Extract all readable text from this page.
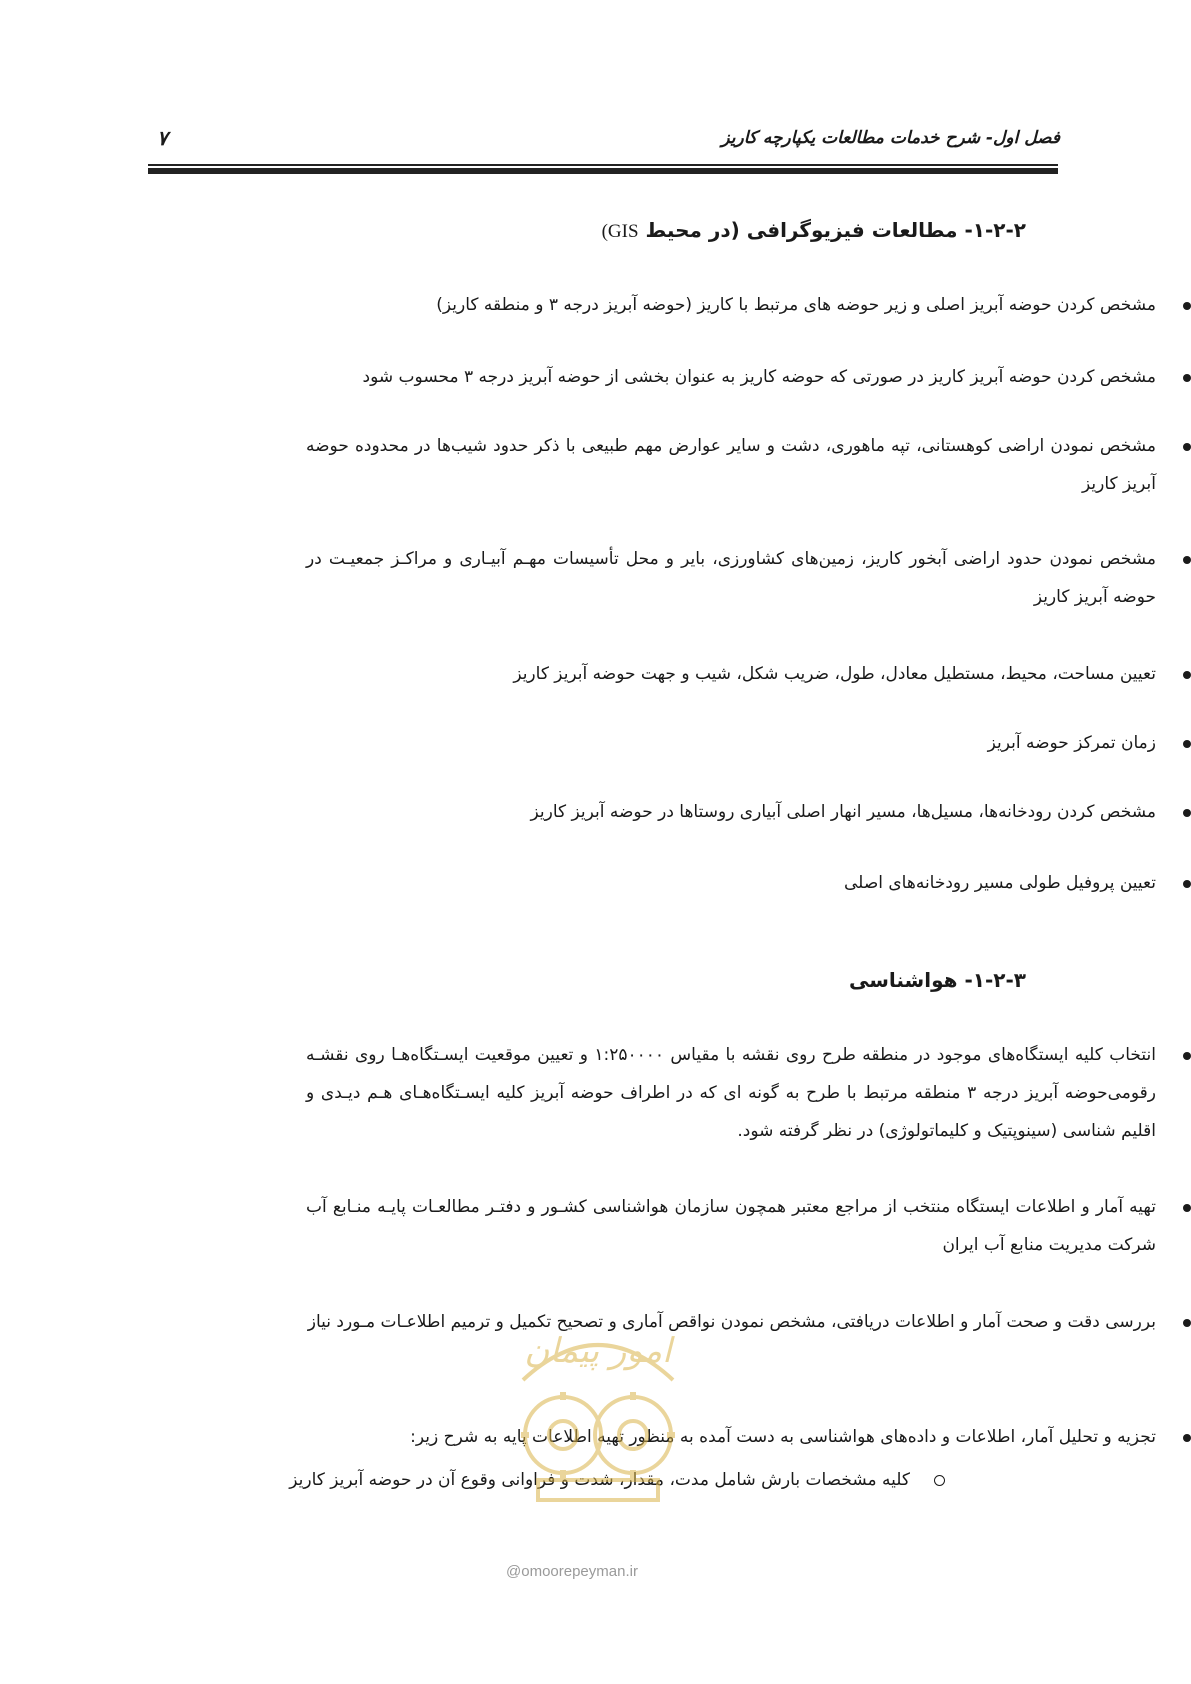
فصل اول- شرح خدمات مطالعات یکپارچه کاریز
۷
۱-۲-۲- مطالعات فیزیوگرافی (در محیط GIS)
مشخص کردن حوضه آبریز اصلی و زیر حوضه های مرتبط با کاریز (حوضه آبریز درجه ۳ و منطقه کاریز)
مشخص کردن حوضه آبریز کاریز در صورتی که حوضه کاریز به عنوان بخشی از حوضه آبریز درجه ۳ محسوب شود
مشخص نمودن اراضی کوهستانی، تپه ماهوری، دشت و سایر عوارض مهم طبیعی با ذکر حدود شیب‌ها در محدوده حوضه آبریز کاریز
مشخص نمودن حدود اراضی آبخور کاریز، زمین‌های کشاورزی، بایر و محل تأسیسات مهـم آبیـاری و مراکـز جمعیـت در حوضه آبریز کاریز
تعیین مساحت، محیط، مستطیل معادل، طول، ضریب شکل، شیب و جهت حوضه آبریز کاریز
زمان تمرکز حوضه آبریز
مشخص کردن رودخانه‌ها، مسیل‌ها، مسیر انهار اصلی آبیاری روستاها در حوضه آبریز کاریز
تعیین پروفیل طولی مسیر رودخانه‌های اصلی
۱-۲-۳- هواشناسی
انتخاب کلیه ایستگاه‌های موجود در منطقه طرح روی نقشه با مقیاس ۱:۲۵۰۰۰۰ و تعیین موقعیت ایسـتگاه‌هـا روی نقشـه رقومی‌حوضه آبریز درجه ۳ منطقه مرتبط با طرح به گونه ای که در اطراف حوضه آبریز کلیه ایسـتگاه‌هـای هـم دیـدی و اقلیم شناسی (سینوپتیک و کلیماتولوژی) در نظر گرفته شود.
تهیه آمار و اطلاعات ایستگاه منتخب از مراجع معتبر همچون سازمان هواشناسی کشـور و دفتـر مطالعـات پایـه منـابع آب شرکت مدیریت منابع آب ایران
بررسی دقت و صحت آمار و اطلاعات دریافتی، مشخص نمودن نواقص آماری و تصحیح تکمیل و ترمیم اطلاعـات مـورد نیاز
تجزیه و تحلیل آمار، اطلاعات و داده‌های هواشناسی به دست آمده به منظور تهیه اطلاعات پایه به شرح زیر:
کلیه مشخصات بارش شامل مدت، مقدار، شدت و فراوانی وقوع آن در حوضه آبریز کاریز
امور پیمان
@omoorepeyman.ir
